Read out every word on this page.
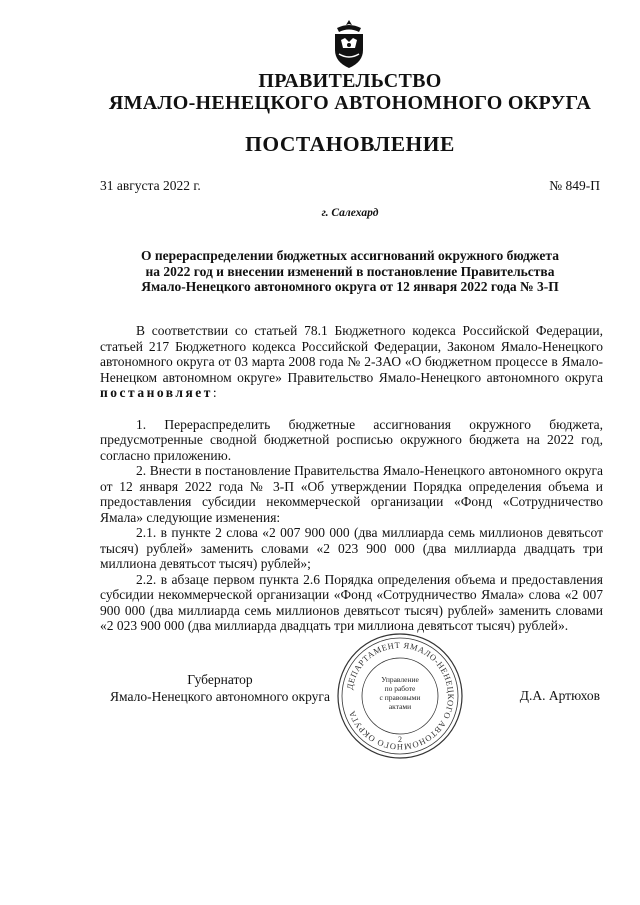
ПРАВИТЕЛЬСТВО
ЯМАЛО-НЕНЕЦКОГО АВТОНОМНОГО ОКРУГА
ПОСТАНОВЛЕНИЕ
31 августа 2022 г.	№ 849-П
г. Салехард
О перераспределении бюджетных ассигнований окружного бюджета
на 2022 год и внесении изменений в постановление Правительства
Ямало-Ненецкого автономного округа от 12 января 2022 года № 3-П

В соответствии со статьей 78.1 Бюджетного кодекса Российской Федерации, статьей 217 Бюджетного кодекса Российской Федерации, Законом Ямало-Ненецкого автономного округа от 03 марта 2008 года № 2-ЗАО «О бюджетном процессе в Ямало-Ненецком автономном округе» Правительство Ямало-Ненецкого автономного округа постановляет:

1. Перераспределить бюджетные ассигнования окружного бюджета, предусмотренные сводной бюджетной росписью окружного бюджета на 2022 год, согласно приложению.

2. Внести в постановление Правительства Ямало-Ненецкого автономного округа от 12 января 2022 года № 3-П «Об утверждении Порядка определения объема и предоставления субсидии некоммерческой организации «Фонд «Сотрудничество Ямала» следующие изменения:

2.1. в пункте 2 слова «2 007 900 000 (два миллиарда семь миллионов девятьсот тысяч) рублей» заменить словами «2 023 900 000 (два миллиарда двадцать три миллиона девятьсот тысяч) рублей»;

2.2. в абзаце первом пункта 2.6 Порядка определения объема и предоставления субсидии некоммерческой организации «Фонд «Сотрудничество Ямала» слова «2 007 900 000 (два миллиарда семь миллионов девятьсот тысяч) рублей» заменить словами «2 023 900 000 (два миллиарда двадцать три миллиона девятьсот тысяч) рублей».

Губернатор
Ямало-Ненецкого автономного округа	Д.А. Артюхов
ДЕПАРТАМЕНТ ЯМАЛО-НЕНЕЦКОГО АВТОНОМНОГО ОКРУГА
2
Управление
по работе
с правовыми
актами
